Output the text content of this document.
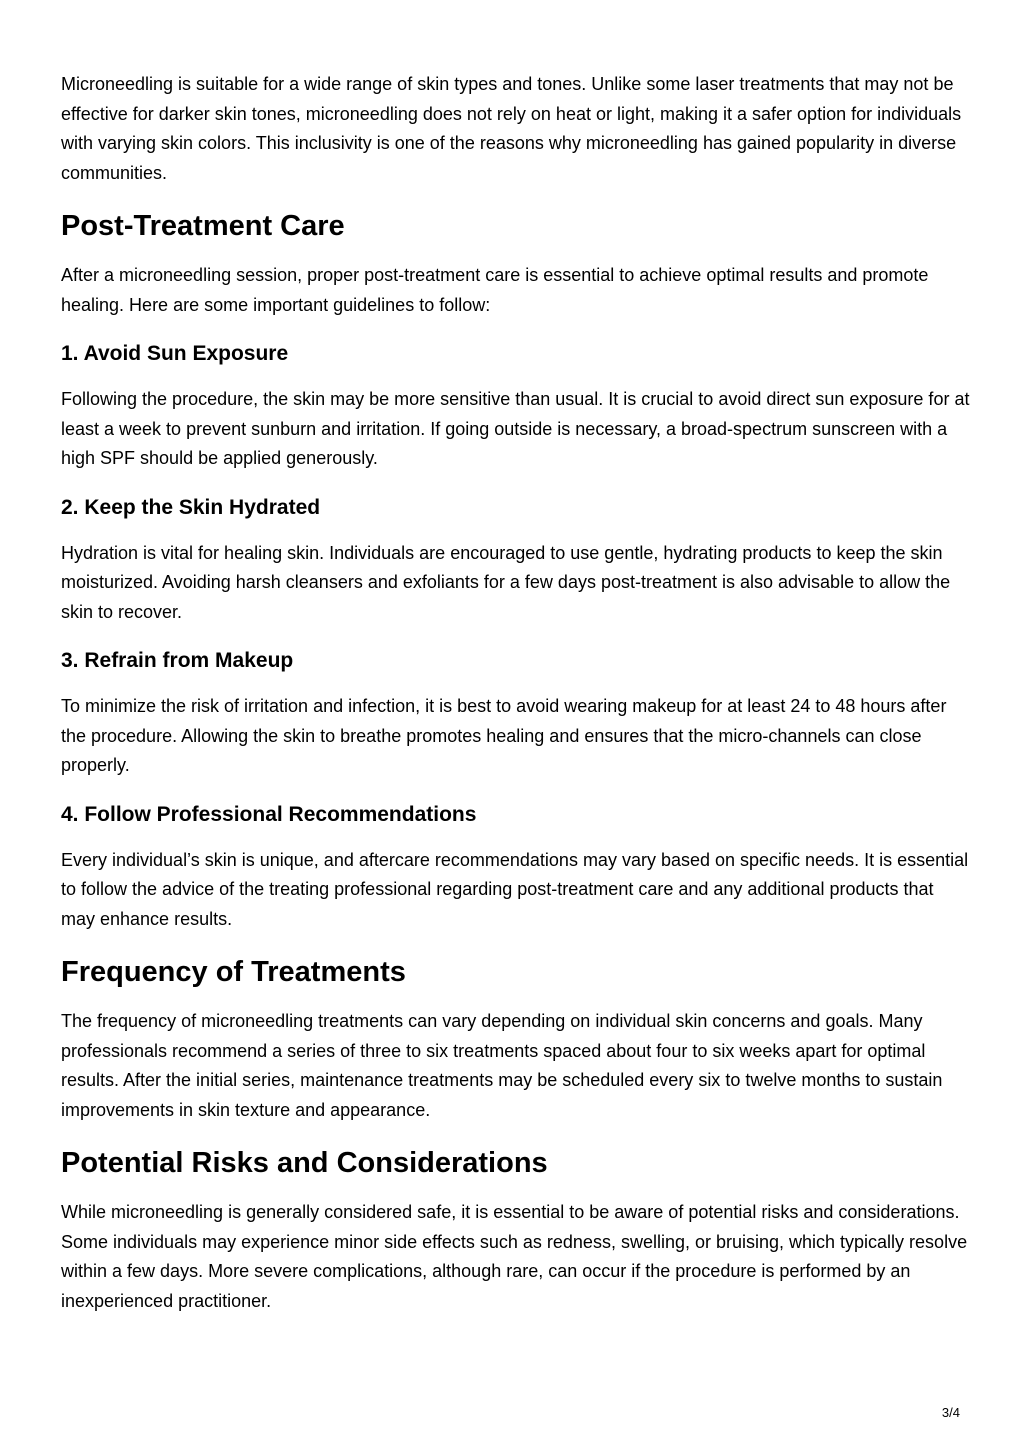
Microneedling is suitable for a wide range of skin types and tones. Unlike some laser treatments that may not be effective for darker skin tones, microneedling does not rely on heat or light, making it a safer option for individuals with varying skin colors. This inclusivity is one of the reasons why microneedling has gained popularity in diverse communities.

Post-Treatment Care

After a microneedling session, proper post-treatment care is essential to achieve optimal results and promote healing. Here are some important guidelines to follow:

1. Avoid Sun Exposure

Following the procedure, the skin may be more sensitive than usual. It is crucial to avoid direct sun exposure for at least a week to prevent sunburn and irritation. If going outside is necessary, a broad-spectrum sunscreen with a high SPF should be applied generously.

2. Keep the Skin Hydrated

Hydration is vital for healing skin. Individuals are encouraged to use gentle, hydrating products to keep the skin moisturized. Avoiding harsh cleansers and exfoliants for a few days post-treatment is also advisable to allow the skin to recover.

3. Refrain from Makeup

To minimize the risk of irritation and infection, it is best to avoid wearing makeup for at least 24 to 48 hours after the procedure. Allowing the skin to breathe promotes healing and ensures that the micro-channels can close properly.

4. Follow Professional Recommendations

Every individual’s skin is unique, and aftercare recommendations may vary based on specific needs. It is essential to follow the advice of the treating professional regarding post-treatment care and any additional products that may enhance results.

Frequency of Treatments

The frequency of microneedling treatments can vary depending on individual skin concerns and goals. Many professionals recommend a series of three to six treatments spaced about four to six weeks apart for optimal results. After the initial series, maintenance treatments may be scheduled every six to twelve months to sustain improvements in skin texture and appearance.

Potential Risks and Considerations

While microneedling is generally considered safe, it is essential to be aware of potential risks and considerations. Some individuals may experience minor side effects such as redness, swelling, or bruising, which typically resolve within a few days. More severe complications, although rare, can occur if the procedure is performed by an inexperienced practitioner.

3/4
